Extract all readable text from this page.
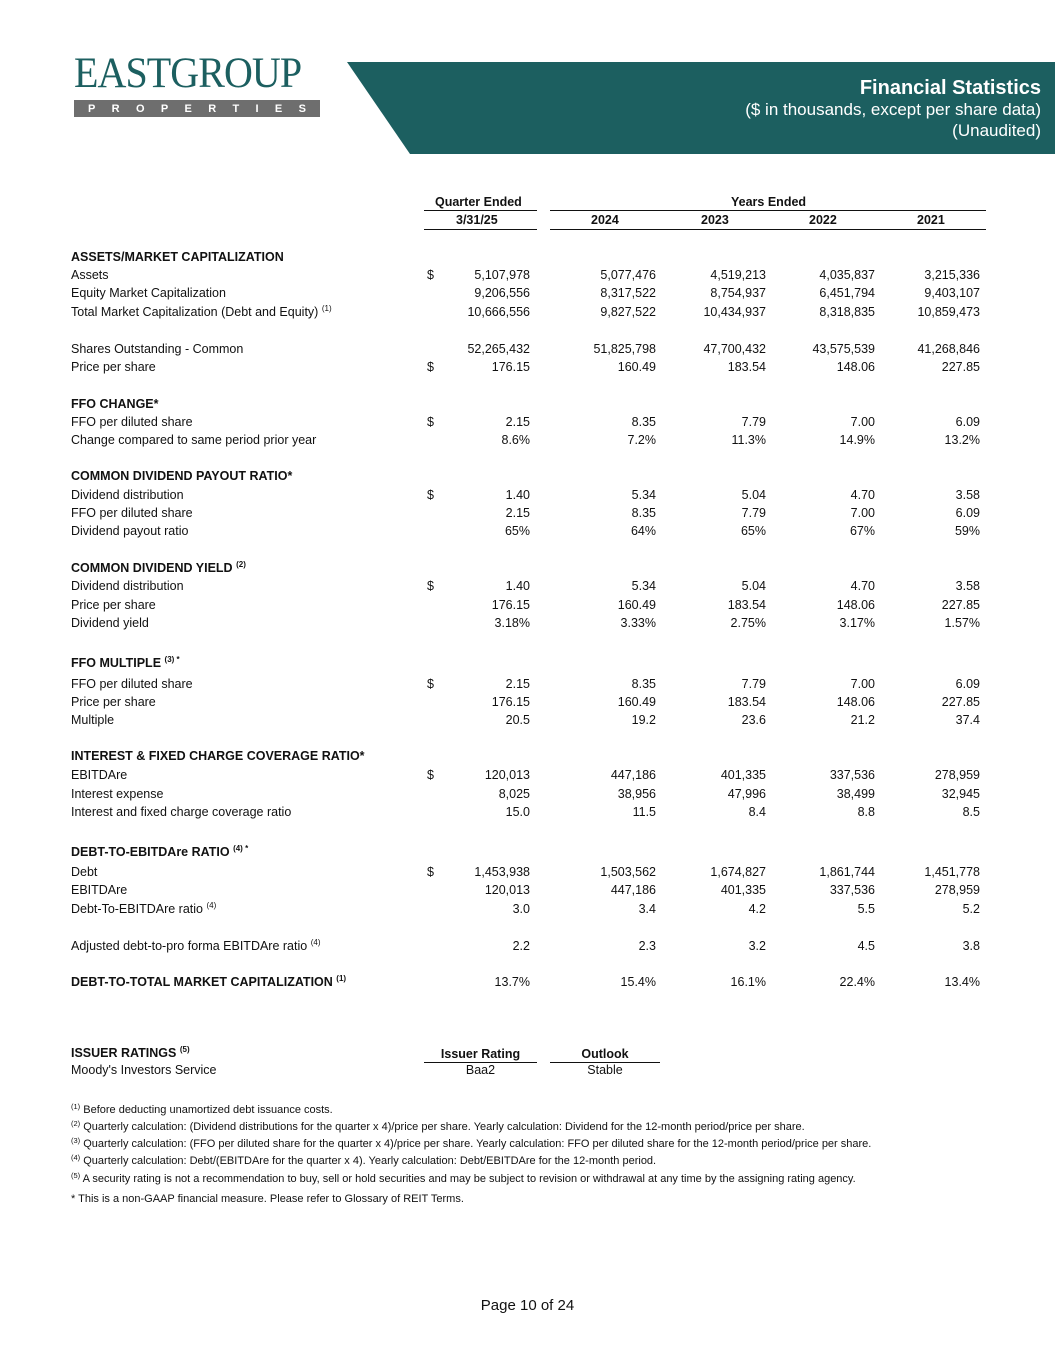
EASTGROUP
P R O P E R T I E S
Financial Statistics
($ in thousands, except per share data)
(Unaudited)
Quarter Ended	Years Ended
3/31/25	2024	2023	2022	2021
ASSETS/MARKET CAPITALIZATION
FFO CHANGE*
COMMON DIVIDEND PAYOUT RATIO*
COMMON DIVIDEND YIELD $^{(2)}$
FFO MULTIPLE $^{(3) *}$
INTEREST & FIXED CHARGE COVERAGE RATIO*
DEBT-TO-EBITDAre RATIO $^{(4) *}$
Assets	$	5,107,978	5,077,476	4,519,213	4,035,837	3,215,336
Equity Market Capitalization	9,206,556	8,317,522	8,754,937	6,451,794	9,403,107
Total Market Capitalization (Debt and Equity) $^{(1)}$	10,666,556	9,827,522	10,434,937	8,318,835	10,859,473
Shares Outstanding - Common	52,265,432	51,825,798	47,700,432	43,575,539	41,268,846
Price per share	$	176.15	160.49	183.54	148.06	227.85
FFO per diluted share	$	2.15	8.35	7.79	7.00	6.09
Change compared to same period prior year	8.6%	7.2%	11.3%	14.9%	13.2%
Dividend distribution	$	1.40	5.34	5.04	4.70	3.58
FFO per diluted share	2.15	8.35	7.79	7.00	6.09
Dividend payout ratio	65%	64%	65%	67%	59%
Dividend distribution	$	1.40	5.34	5.04	4.70	3.58
Price per share	176.15	160.49	183.54	148.06	227.85
Dividend yield	3.18%	3.33%	2.75%	3.17%	1.57%
FFO per diluted share	$	2.15	8.35	7.79	7.00	6.09
Price per share	176.15	160.49	183.54	148.06	227.85
Multiple	20.5	19.2	23.6	21.2	37.4
EBITDAre	$	120,013	447,186	401,335	337,536	278,959
Interest expense	8,025	38,956	47,996	38,499	32,945
Interest and fixed charge coverage ratio	15.0	11.5	8.4	8.8	8.5
Debt	$	1,453,938	1,503,562	1,674,827	1,861,744	1,451,778
EBITDAre	120,013	447,186	401,335	337,536	278,959
Debt-To-EBITDAre ratio $^{(4)}$	3.0	3.4	4.2	5.5	5.2
Adjusted debt-to-pro forma EBITDAre ratio $^{(4)}$	2.2	2.3	3.2	4.5	3.8
DEBT-TO-TOTAL MARKET CAPITALIZATION $^{(1)}$	13.7%	15.4%	16.1%	22.4%	13.4%
ISSUER RATINGS $^{(5)}$	Issuer Rating	Outlook
Moody's Investors Service	Baa2	Stable
$^{(1)}$ Before deducting unamortized debt issuance costs.
$^{(2)}$ Quarterly calculation: (Dividend distributions for the quarter x 4)/price per share. Yearly calculation: Dividend for the 12-month period/price per share.
$^{(3)}$ Quarterly calculation: (FFO per diluted share for the quarter x 4)/price per share. Yearly calculation: FFO per diluted share for the 12-month period/price per share.
$^{(4)}$ Quarterly calculation: Debt/(EBITDAre for the quarter x 4). Yearly calculation: Debt/EBITDAre for the 12-month period.
$^{(5)}$ A security rating is not a recommendation to buy, sell or hold securities and may be subject to revision or withdrawal at any time by the assigning rating agency.
* This is a non-GAAP financial measure. Please refer to Glossary of REIT Terms.
Page 10 of 24
